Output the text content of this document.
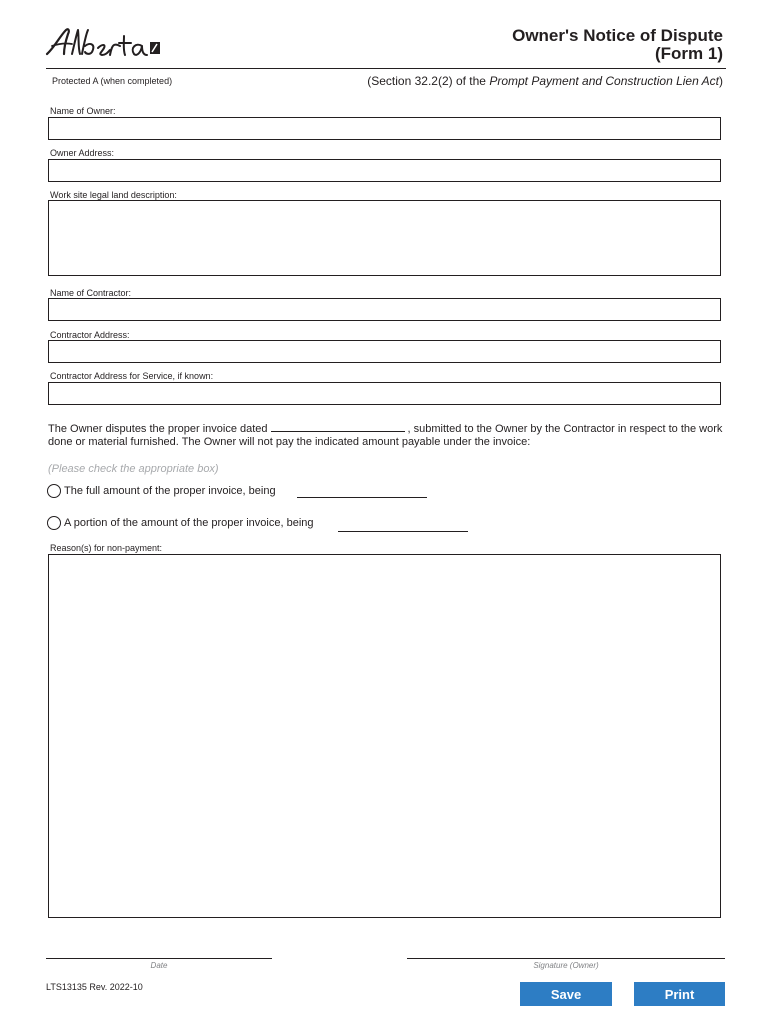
Owner's Notice of Dispute
(Form 1)
Protected A (when completed)	(Section 32.2(2) of the Prompt Payment and Construction Lien Act)
Name of Owner:
Owner Address:
Work site legal land description:
Name of Contractor:
Contractor Address:
Contractor Address for Service, if known:
The Owner disputes the proper invoice dated	, submitted to the Owner by the Contractor in respect to the work done or material furnished. The Owner will not pay the indicated amount payable under the invoice:
(Please check the appropriate box)
The full amount of the proper invoice, being
A portion of the amount of the proper invoice, being
Reason(s) for non-payment:
Date	Signature (Owner)
LTS13135 Rev. 2022-10	Save	Print
